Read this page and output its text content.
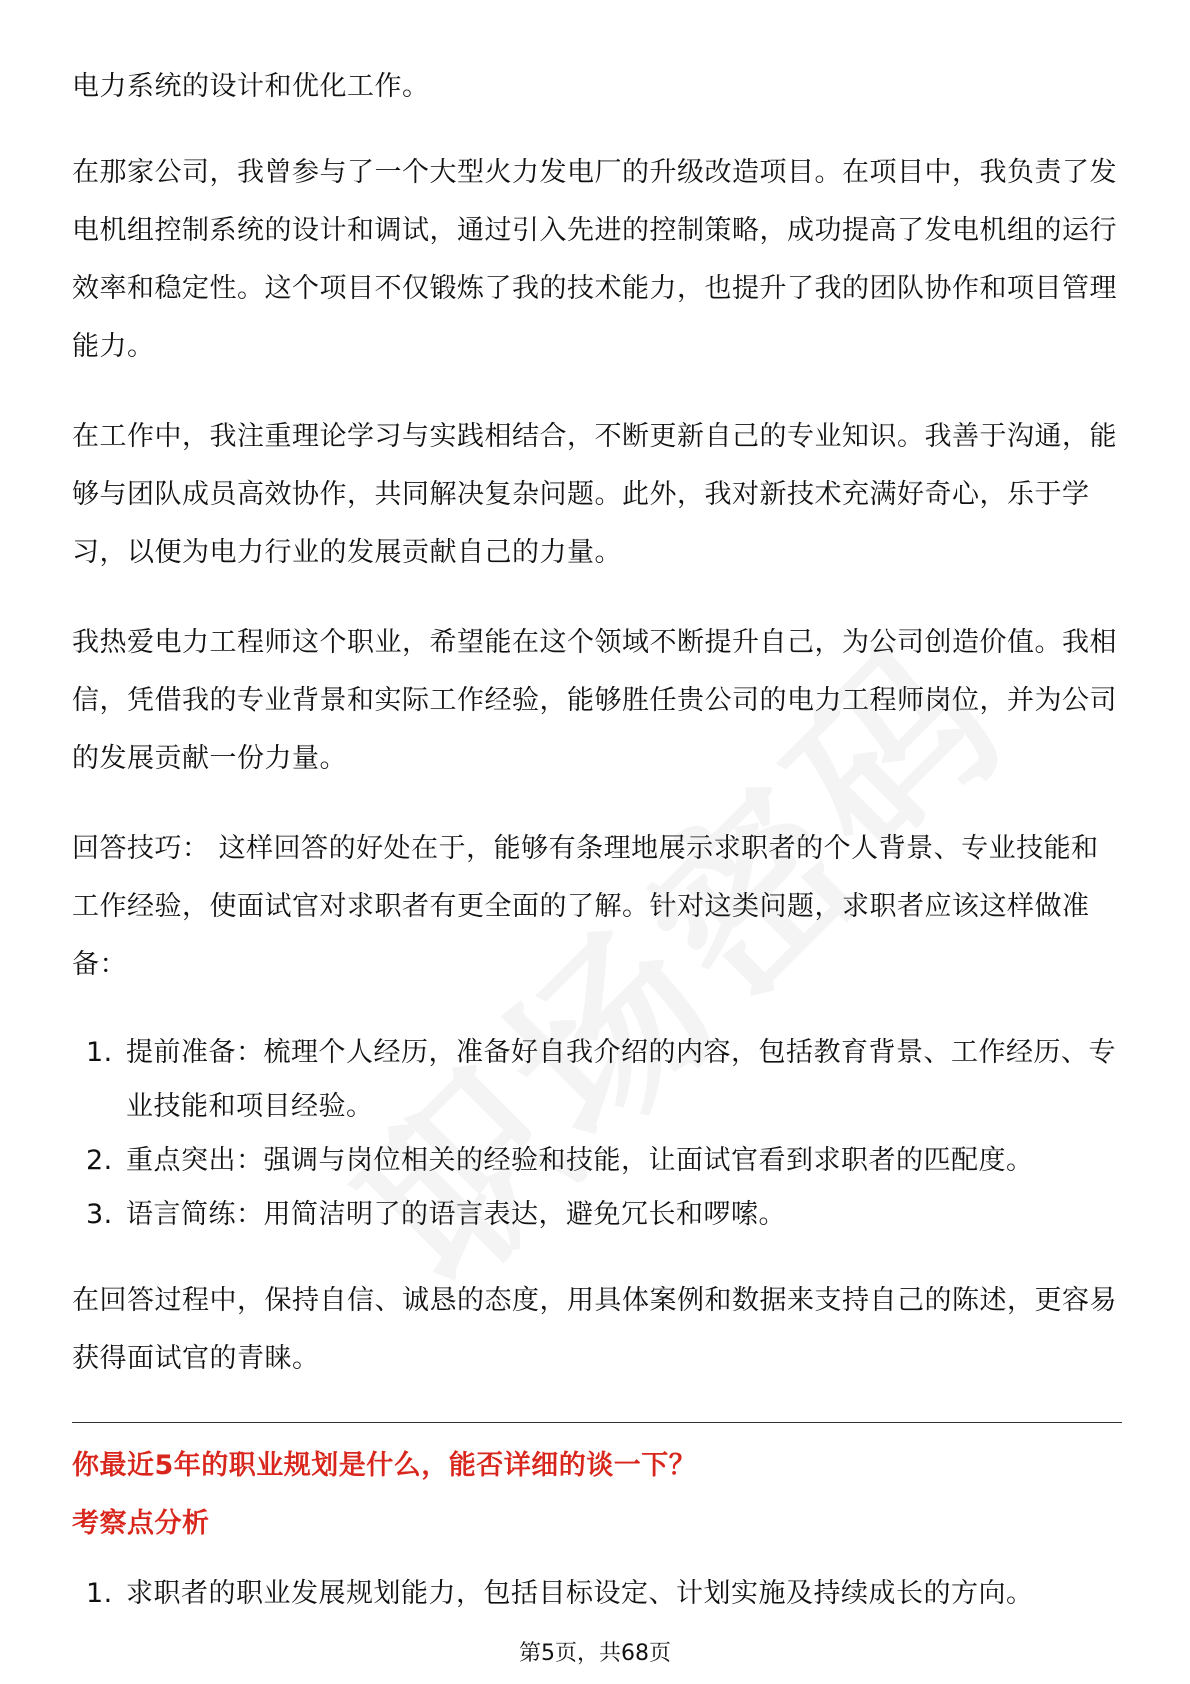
电力系统的设计和优化工作。

在那家公司，我曾参与了一个大型火力发电厂的升级改造项目。在项目中，我负责了发电机组控制系统的设计和调试，通过引入先进的控制策略，成功提高了发电机组的运行效率和稳定性。这个项目不仅锻炼了我的技术能力，也提升了我的团队协作和项目管理能力。

在工作中，我注重理论学习与实践相结合，不断更新自己的专业知识。我善于沟通，能够与团队成员高效协作，共同解决复杂问题。此外，我对新技术充满好奇心，乐于学习，以便为电力行业的发展贡献自己的力量。

我热爱电力工程师这个职业，希望能在这个领域不断提升自己，为公司创造价值。我相信，凭借我的专业背景和实际工作经验，能够胜任贵公司的电力工程师岗位，并为公司的发展贡献一份力量。

回答技巧： 这样回答的好处在于，能够有条理地展示求职者的个人背景、专业技能和工作经验，使面试官对求职者有更全面的了解。针对这类问题，求职者应该这样做准备：

1. 提前准备：梳理个人经历，准备好自我介绍的内容，包括教育背景、工作经历、专业技能和项目经验。
2. 重点突出：强调与岗位相关的经验和技能，让面试官看到求职者的匹配度。
3. 语言简练：用简洁明了的语言表达，避免冗长和啰嗦。

在回答过程中，保持自信、诚恳的态度，用具体案例和数据来支持自己的陈述，更容易获得面试官的青睐。

你最近5年的职业规划是什么，能否详细的谈一下？

考察点分析

1. 求职者的职业发展规划能力，包括目标设定、计划实施及持续成长的方向。
第5页，共68页
